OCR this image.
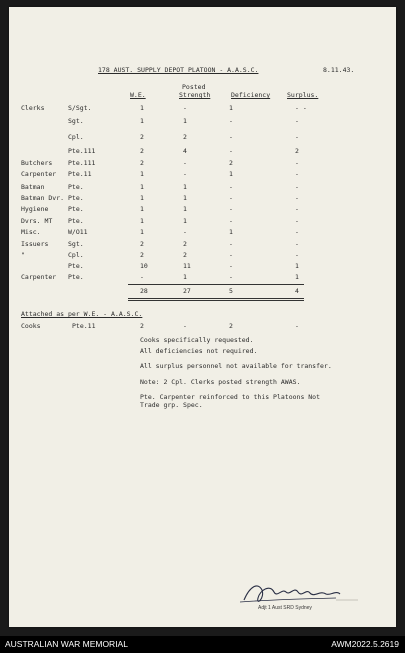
178 AUST. SUPPLY DEPOT PLATOON - A.A.S.C.	8.11.43.
Posted
W.E.	Strength	Deficiency	Surplus.
Clerks	S/Sgt.	1	-	1	- -
Sgt.	1	1	-	-
Cpl.	2	2	-	-
Pte.111	2	4	-	2
Butchers Pte.111	2	-	2	-
Carpenter Pte.11	1	-	1	-
Batman	Pte.	1	1	-	-
Batman Dvr. Pte.	1	1	-	-
Hygiene	Pte.	1	1	-	-
Dvrs. MT Pte.	1	1	-	-
Misc.	W/O11	1	-	1	-
Issuers	Sgt.	2	2	-	-
"	Cpl.	2	2	-	-
Pte.	10	11	-	1
Carpenter Pte.	-	1	-	1
28	27	5	4
Attached as per W.E. - A.A.S.C.
Cooks	Pte.11	2	-	2	-
Cooks specifically requested.
All deficiencies not required.
All surplus personnel not available for transfer.
Note: 2 Cpl. Clerks posted strength AWAS.
Pte. Carpenter reinforced to this Platoons Not
Trade grp. Spec.
Adjt 1 Aust SRD Sydney
AUSTRALIAN WAR MEMORIAL	AWM2022.5.2619
